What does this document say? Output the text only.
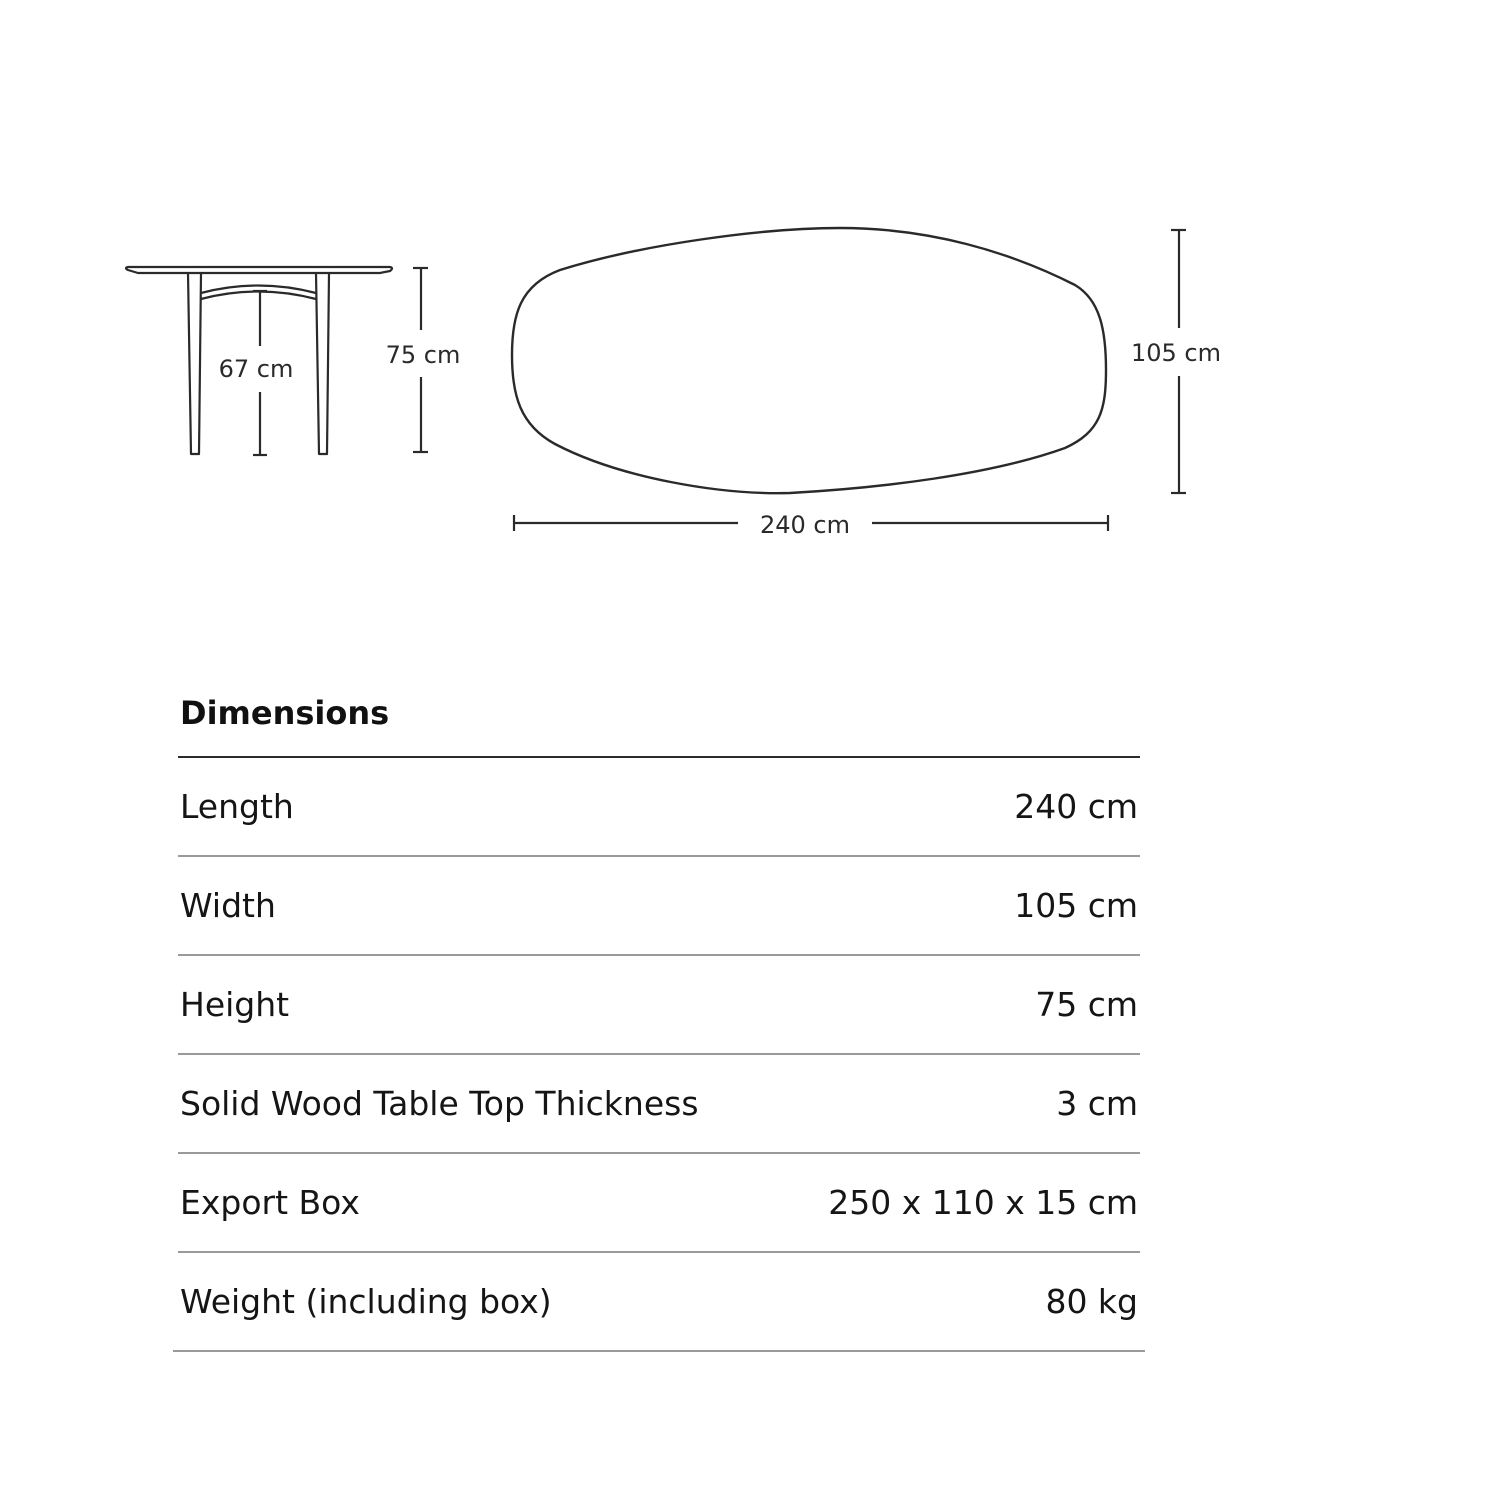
67 cm	75 cm	105 cm
240 cm
Dimensions
Length	240 cm
Width	105 cm
Height	75 cm
Solid Wood Table Top Thickness	3 cm
Export Box	250 x 110 x 15 cm
Weight (including box)	80 kg
